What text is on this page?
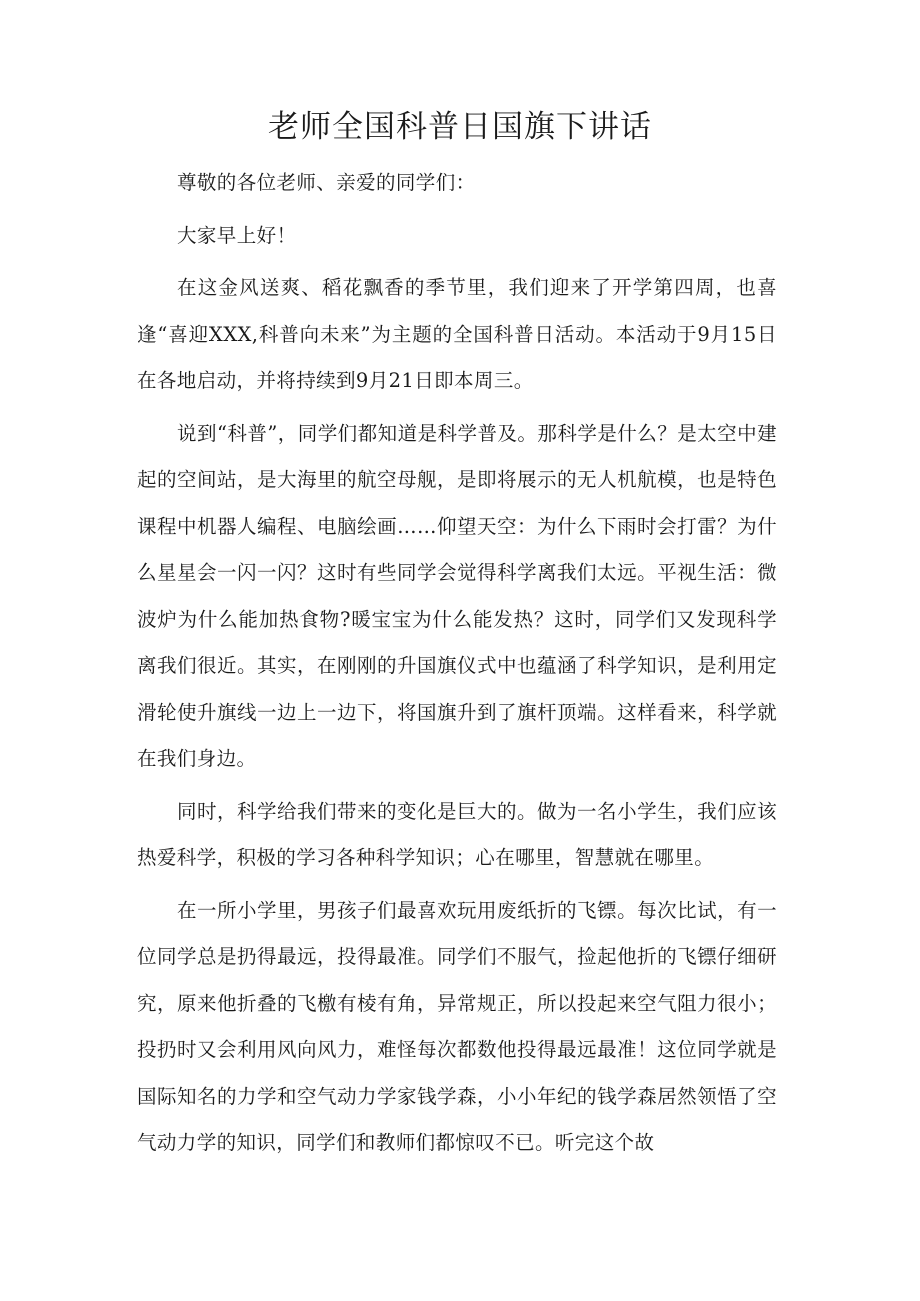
老师全国科普日国旗下讲话

尊敬的各位老师、亲爱的同学们：

大家早上好！

在这金风送爽、稻花飘香的季节里，我们迎来了开学第四周，也喜逢“喜迎XXX,科普向未来”为主题的全国科普日活动。本活动于9月15日在各地启动，并将持续到9月21日即本周三。

说到“科普”，同学们都知道是科学普及。那科学是什么？是太空中建起的空间站，是大海里的航空母舰，是即将展示的无人机航模，也是特色课程中机器人编程、电脑绘画……仰望天空：为什么下雨时会打雷？为什么星星会一闪一闪？这时有些同学会觉得科学离我们太远。平视生活：微波炉为什么能加热食物?暖宝宝为什么能发热？这时，同学们又发现科学离我们很近。其实，在刚刚的升国旗仪式中也蕴涵了科学知识，是利用定滑轮使升旗线一边上一边下，将国旗升到了旗杆顶端。这样看来，科学就在我们身边。

同时，科学给我们带来的变化是巨大的。做为一名小学生，我们应该热爱科学，积极的学习各种科学知识；心在哪里，智慧就在哪里。

在一所小学里，男孩子们最喜欢玩用废纸折的飞镖。每次比试，有一位同学总是扔得最远，投得最准。同学们不服气，捡起他折的飞镖仔细研究，原来他折叠的飞檄有棱有角，异常规正，所以投起来空气阻力很小；投扔时又会利用风向风力，难怪每次都数他投得最远最准！这位同学就是国际知名的力学和空气动力学家钱学森，小小年纪的钱学森居然领悟了空气动力学的知识，同学们和教师们都惊叹不已。听完这个故
